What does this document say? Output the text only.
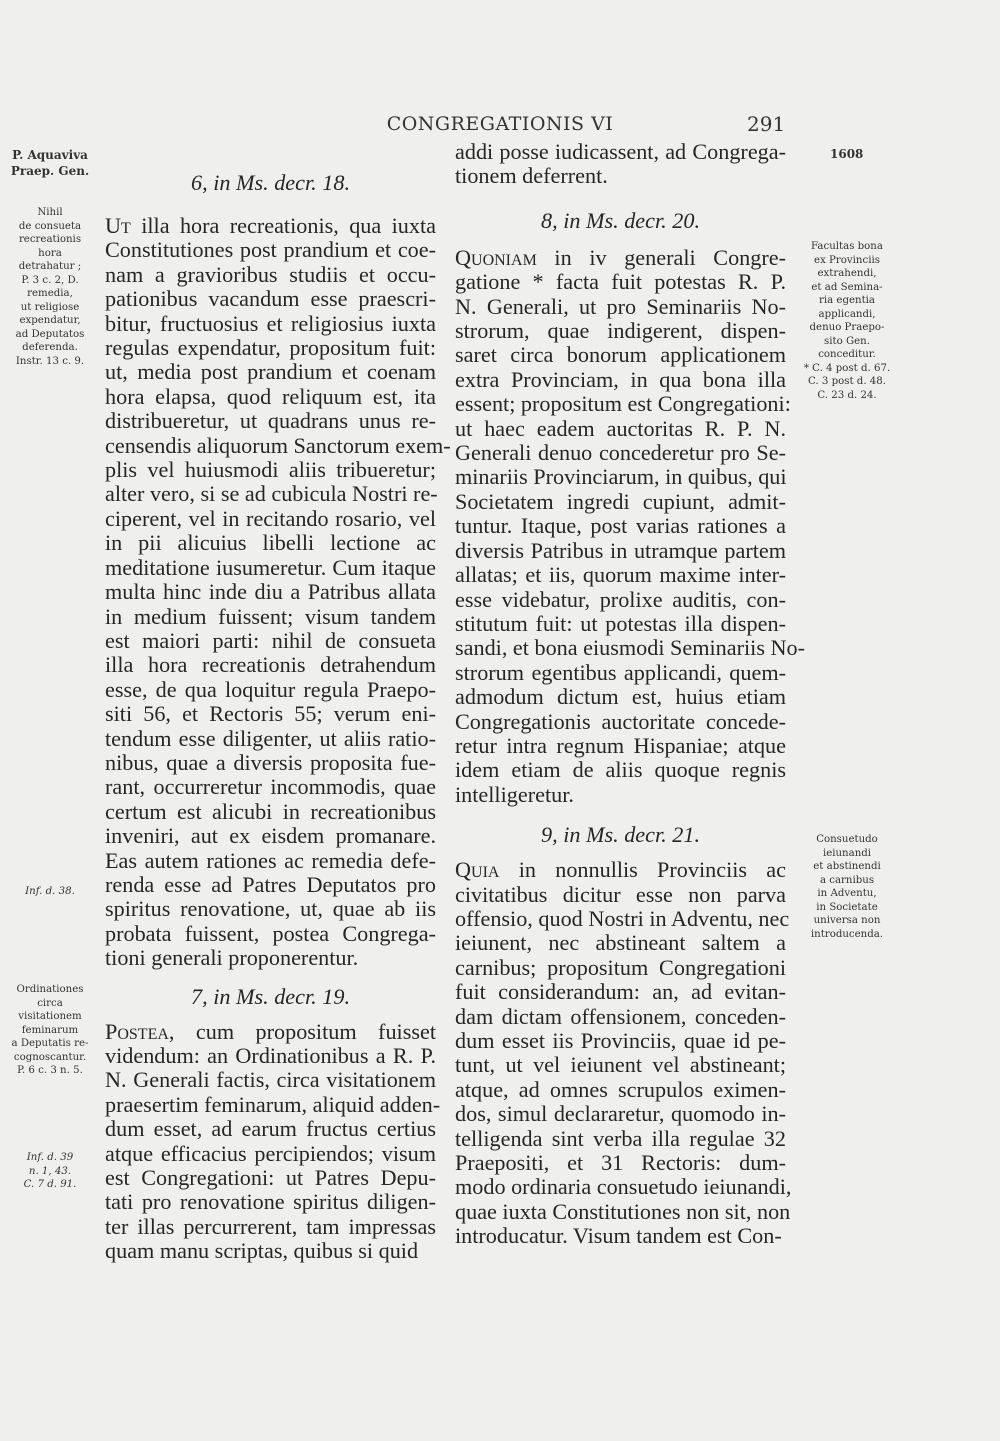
CONGREGATIONIS VI	291
1608
P. Aquaviva
Praep. Gen.
Nihil
de consueta
recreationis
hora
detrahatur ;
P. 3 c. 2, D.
remedia,
ut religiose
expendatur,
ad Deputatos
deferenda.
Instr. 13 c. 9.
Inf. d. 38.
Ordinationes
circa
visitationem
feminarum
a Deputatis re-
cognoscantur.
P. 6 c. 3 n. 5.
Inf. d. 39
n. 1, 43.
C. 7 d. 91.
Facultas bona
ex Provinciis
extrahendi,
et ad Semina-
ria egentia
applicandi,
denuo Praepo-
sito Gen.
conceditur.
* C. 4 post d. 67.
C. 3 post d. 48.
C. 23 d. 24.
Consuetudo
ieiunandi
et abstinendi
a carnibus
in Adventu,
in Societate
universa non
introducenda.
6, in Ms. decr. 18.
Ut illa hora recreationis, qua iuxta
Constitutiones post prandium et coe-
nam a gravioribus studiis et occu-
pationibus vacandum esse praescri-
bitur, fructuosius et religiosius iuxta
regulas expendatur, propositum fuit:
ut, media post prandium et coenam
hora elapsa, quod reliquum est, ita
distribueretur, ut quadrans unus re-
censendis aliquorum Sanctorum exem-
plis vel huiusmodi aliis tribueretur;
alter vero, si se ad cubicula Nostri re-
ciperent, vel in recitando rosario, vel
in pii alicuius libelli lectione ac
meditatione iusumeretur. Cum itaque
multa hinc inde diu a Patribus allata
in medium fuissent; visum tandem
est maiori parti: nihil de consueta
illa hora recreationis detrahendum
esse, de qua loquitur regula Praepo-
siti 56, et Rectoris 55; verum eni-
tendum esse diligenter, ut aliis ratio-
nibus, quae a diversis proposita fue-
rant, occurreretur incommodis, quae
certum est alicubi in recreationibus
inveniri, aut ex eisdem promanare.
Eas autem rationes ac remedia defe-
renda esse ad Patres Deputatos pro
spiritus renovatione, ut, quae ab iis
probata fuissent, postea Congrega-
tioni generali proponerentur.
7, in Ms. decr. 19.
Postea, cum propositum fuisset
videndum: an Ordinationibus a R. P.
N. Generali factis, circa visitationem
praesertim feminarum, aliquid adden-
dum esset, ad earum fructus certius
atque efficacius percipiendos; visum
est Congregationi: ut Patres Depu-
tati pro renovatione spiritus diligen-
ter illas percurrerent, tam impressas
quam manu scriptas, quibus si quid
addi posse iudicassent, ad Congrega-
tionem deferrent.
8, in Ms. decr. 20.
Quoniam in iv generali Congre-
gatione * facta fuit potestas R. P.
N. Generali, ut pro Seminariis No-
strorum, quae indigerent, dispen-
saret circa bonorum applicationem
extra Provinciam, in qua bona illa
essent; propositum est Congregationi:
ut haec eadem auctoritas R. P. N.
Generali denuo concederetur pro Se-
minariis Provinciarum, in quibus, qui
Societatem ingredi cupiunt, admit-
tuntur. Itaque, post varias rationes a
diversis Patribus in utramque partem
allatas; et iis, quorum maxime inter-
esse videbatur, prolixe auditis, con-
stitutum fuit: ut potestas illa dispen-
sandi, et bona eiusmodi Seminariis No-
strorum egentibus applicandi, quem-
admodum dictum est, huius etiam
Congregationis auctoritate concede-
retur intra regnum Hispaniae; atque
idem etiam de aliis quoque regnis
intelligeretur.
9, in Ms. decr. 21.
Quia in nonnullis Provinciis ac
civitatibus dicitur esse non parva
offensio, quod Nostri in Adventu, nec
ieiunent, nec abstineant saltem a
carnibus; propositum Congregationi
fuit considerandum: an, ad evitan-
dam dictam offensionem, conceden-
dum esset iis Provinciis, quae id pe-
tunt, ut vel ieiunent vel abstineant;
atque, ad omnes scrupulos eximen-
dos, simul declararetur, quomodo in-
telligenda sint verba illa regulae 32
Praepositi, et 31 Rectoris: dum-
modo ordinaria consuetudo ieiunandi,
quae iuxta Constitutiones non sit, non
introducatur. Visum tandem est Con-
